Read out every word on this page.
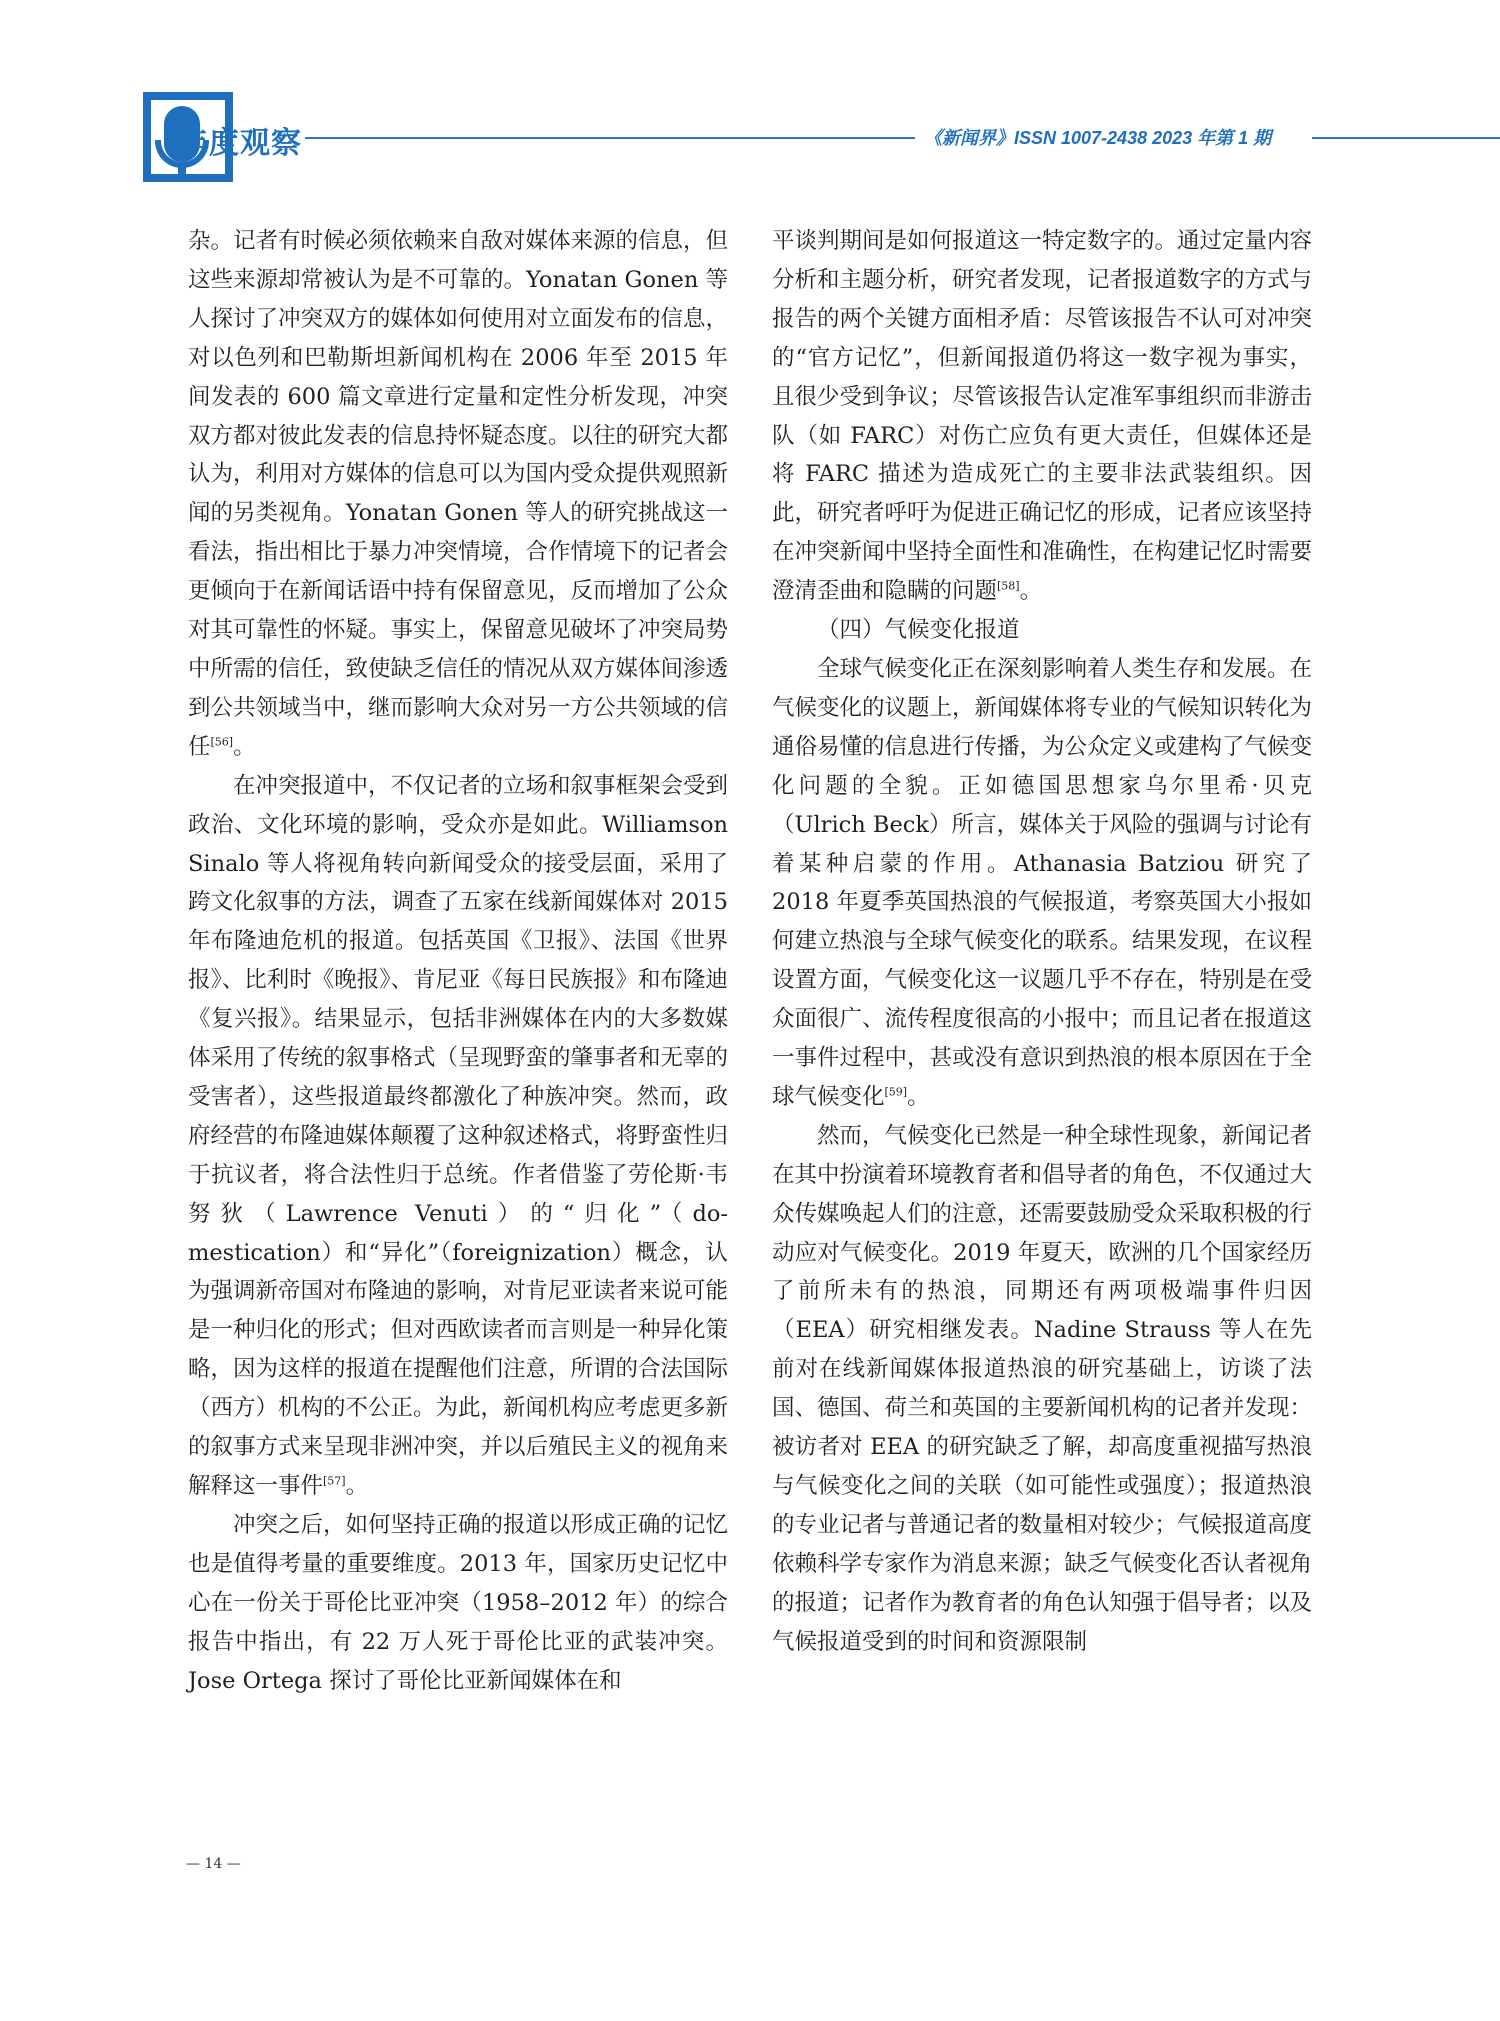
年度观察	《新闻界》ISSN 1007-2438 2023 年第 1 期

杂。记者有时候必须依赖来自敌对媒体来源的信息，但这些来源却常被认为是不可靠的。Yonatan Gonen 等人探讨了冲突双方的媒体如何使用对立面发布的信息，对以色列和巴勒斯坦新闻机构在 2006 年至 2015 年间发表的 600 篇文章进行定量和定性分析发现，冲突双方都对彼此发表的信息持怀疑态度。以往的研究大都认为，利用对方媒体的信息可以为国内受众提供观照新闻的另类视角。Yonatan Gonen 等人的研究挑战这一看法，指出相比于暴力冲突情境，合作情境下的记者会更倾向于在新闻话语中持有保留意见，反而增加了公众对其可靠性的怀疑。事实上，保留意见破坏了冲突局势中所需的信任，致使缺乏信任的情况从双方媒体间渗透到公共领域当中，继而影响大众对另一方公共领域的信任[56]。

在冲突报道中，不仅记者的立场和叙事框架会受到政治、文化环境的影响，受众亦是如此。Williamson Sinalo 等人将视角转向新闻受众的接受层面，采用了跨文化叙事的方法，调查了五家在线新闻媒体对 2015 年布隆迪危机的报道。包括英国《卫报》、法国《世界报》、比利时《晚报》、肯尼亚《每日民族报》和布隆迪《复兴报》。结果显示，包括非洲媒体在内的大多数媒体采用了传统的叙事格式（呈现野蛮的肇事者和无辜的受害者），这些报道最终都激化了种族冲突。然而，政府经营的布隆迪媒体颠覆了这种叙述格式，将野蛮性归于抗议者，将合法性归于总统。作者借鉴了劳伦斯·韦努狄（Lawrence Venuti）的“归化”（do-mestication）和“异化”（foreignization）概念，认为强调新帝国对布隆迪的影响，对肯尼亚读者来说可能是一种归化的形式；但对西欧读者而言则是一种异化策略，因为这样的报道在提醒他们注意，所谓的合法国际（西方）机构的不公正。为此，新闻机构应考虑更多新的叙事方式来呈现非洲冲突，并以后殖民主义的视角来解释这一事件[57]。

冲突之后，如何坚持正确的报道以形成正确的记忆也是值得考量的重要维度。2013 年，国家历史记忆中心在一份关于哥伦比亚冲突（1958–2012 年）的综合报告中指出，有 22 万人死于哥伦比亚的武装冲突。Jose Ortega 探讨了哥伦比亚新闻媒体在和

平谈判期间是如何报道这一特定数字的。通过定量内容分析和主题分析，研究者发现，记者报道数字的方式与报告的两个关键方面相矛盾：尽管该报告不认可对冲突的“官方记忆”，但新闻报道仍将这一数字视为事实，且很少受到争议；尽管该报告认定准军事组织而非游击队（如 FARC）对伤亡应负有更大责任，但媒体还是将 FARC 描述为造成死亡的主要非法武装组织。因此，研究者呼吁为促进正确记忆的形成，记者应该坚持在冲突新闻中坚持全面性和准确性，在构建记忆时需要澄清歪曲和隐瞒的问题[58]。

（四）气候变化报道

全球气候变化正在深刻影响着人类生存和发展。在气候变化的议题上，新闻媒体将专业的气候知识转化为通俗易懂的信息进行传播，为公众定义或建构了气候变化问题的全貌。正如德国思想家乌尔里希·贝克（Ulrich Beck）所言，媒体关于风险的强调与讨论有着某种启蒙的作用。Athanasia Batziou 研究了 2018 年夏季英国热浪的气候报道，考察英国大小报如何建立热浪与全球气候变化的联系。结果发现，在议程设置方面，气候变化这一议题几乎不存在，特别是在受众面很广、流传程度很高的小报中；而且记者在报道这一事件过程中，甚或没有意识到热浪的根本原因在于全球气候变化[59]。

然而，气候变化已然是一种全球性现象，新闻记者在其中扮演着环境教育者和倡导者的角色，不仅通过大众传媒唤起人们的注意，还需要鼓励受众采取积极的行动应对气候变化。2019 年夏天，欧洲的几个国家经历了前所未有的热浪，同期还有两项极端事件归因（EEA）研究相继发表。Nadine Strauss 等人在先前对在线新闻媒体报道热浪的研究基础上，访谈了法国、德国、荷兰和英国的主要新闻机构的记者并发现：被访者对 EEA 的研究缺乏了解，却高度重视描写热浪与气候变化之间的关联（如可能性或强度）；报道热浪的专业记者与普通记者的数量相对较少；气候报道高度依赖科学专家作为消息来源；缺乏气候变化否认者视角的报道；记者作为教育者的角色认知强于倡导者；以及气候报道受到的时间和资源限制

— 14 —
